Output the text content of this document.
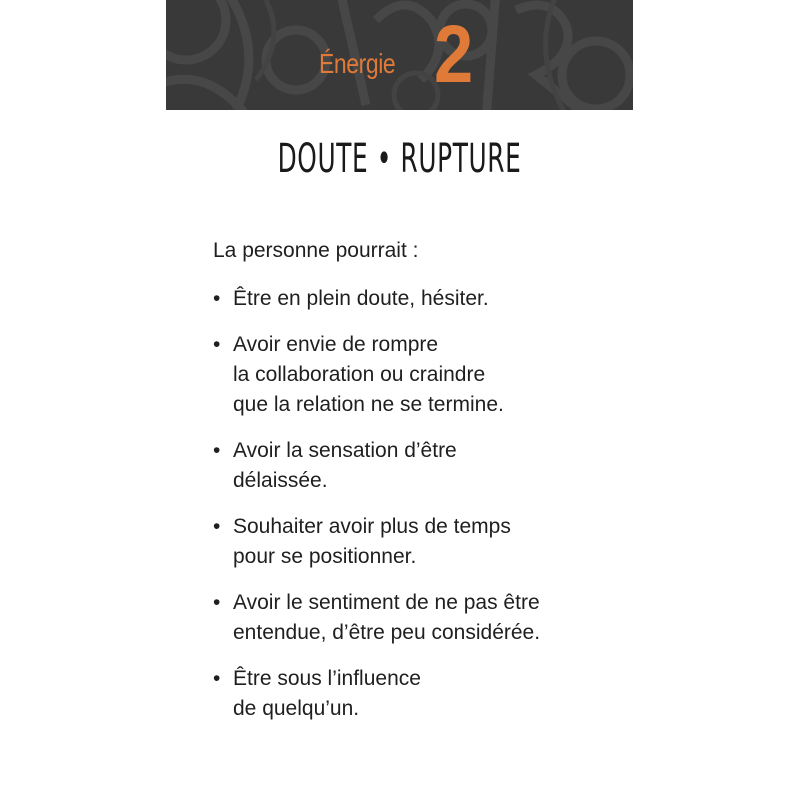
Énergie 2
DOUTE • RUPTURE

La personne pourrait :

• Être en plein doute, hésiter.
• Avoir envie de rompre
la collaboration ou craindre
que la relation ne se termine.
• Avoir la sensation d’être
délaissée.
• Souhaiter avoir plus de temps
pour se positionner.
• Avoir le sentiment de ne pas être
entendue, d’être peu considérée.
• Être sous l’influence
de quelqu’un.
